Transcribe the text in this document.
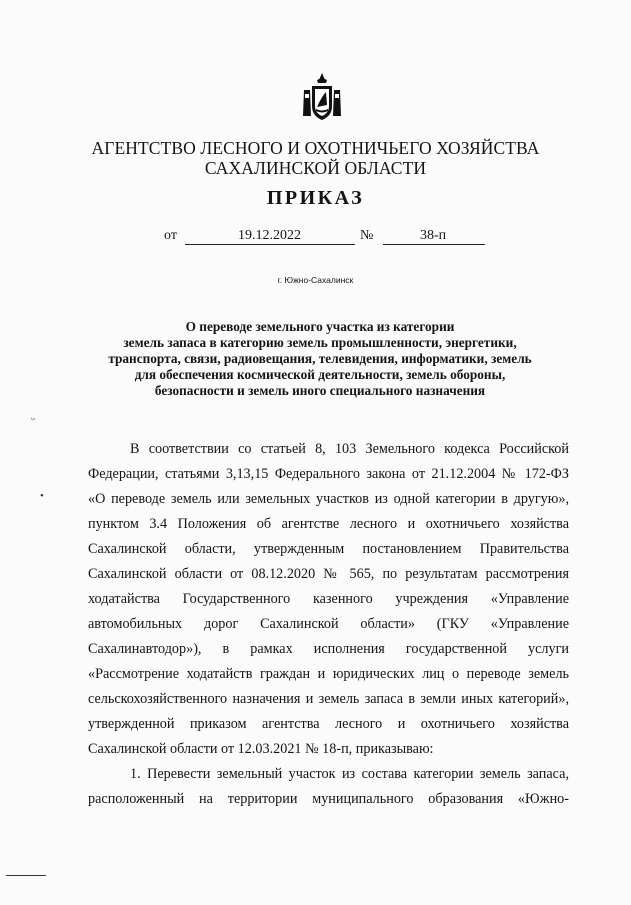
АГЕНТСТВО ЛЕСНОГО И ОХОТНИЧЬЕГО ХОЗЯЙСТВА
САХАЛИНСКОЙ ОБЛАСТИ
ПРИКАЗ
от	19.12.2022	№	38-п
г. Южно-Сахалинск
О переводе земельного участка из категории
земель запаса в категорию земель промышленности, энергетики,
транспорта, связи, радиовещания, телевидения, информатики, земель
для обеспечения космической деятельности, земель обороны,
безопасности и земель иного специального назначения
В соответствии со статьей 8, 103 Земельного кодекса Российской
Федерации, статьями 3,13,15 Федерального закона от 21.12.2004 № 172-ФЗ
«О переводе земель или земельных участков из одной категории в другую»,
пунктом 3.4 Положения об агентстве лесного и охотничьего хозяйства
Сахалинской области, утвержденным постановлением Правительства
Сахалинской области от 08.12.2020 № 565, по результатам рассмотрения
ходатайства Государственного казенного учреждения «Управление
автомобильных дорог Сахалинской области» (ГКУ «Управление
Сахалинавтодор»), в рамках исполнения государственной услуги
«Рассмотрение ходатайств граждан и юридических лиц о переводе земель
сельскохозяйственного назначения и земель запаса в земли иных категорий»,
утвержденной приказом агентства лесного и охотничьего хозяйства
Сахалинской области от 12.03.2021 № 18-п, приказываю:
1. Перевести земельный участок из состава категории земель запаса,
расположенный на территории муниципального образования «Южно-
ᴗ
•
